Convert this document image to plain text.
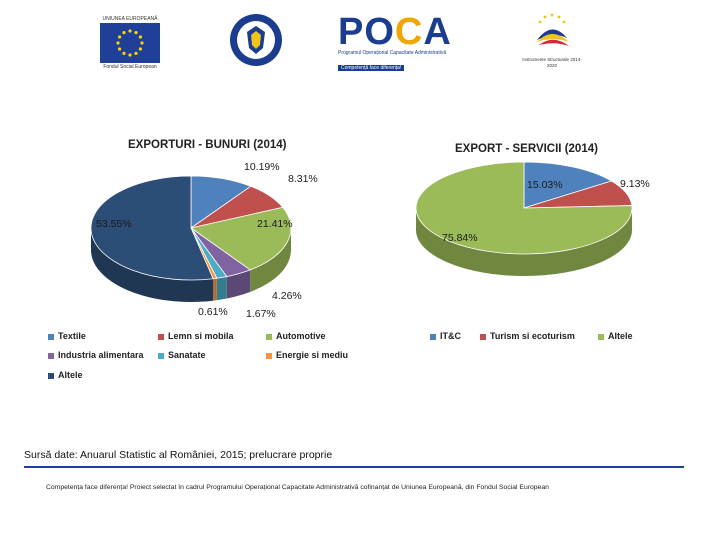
UNIUNEA EUROPEANĂ
Fondul Social European
POCA
Programul Operațional Capacitate Administrativă
Competență face diferența!
Instrumente Structurale 2014-2020
EXPORTURI - BUNURI (2014)
10.19%
8.31%
21.41%
4.26%
1.67%
0.61%
53.55%
Textile	Lemn si mobila	Automotive
Industria alimentara	Sanatate	Energie si mediu
Altele
EXPORT - SERVICII (2014)
15.03%	9.13%
75.84%
IT&C	Turism si ecoturism	Altele
Sursă date: Anuarul Statistic al României, 2015; prelucrare proprie
Competența face diferența! Proiect selectat în cadrul Programului Operațional Capacitate Administrativă cofinanțat de Uniunea Europeană, din Fondul Social European
